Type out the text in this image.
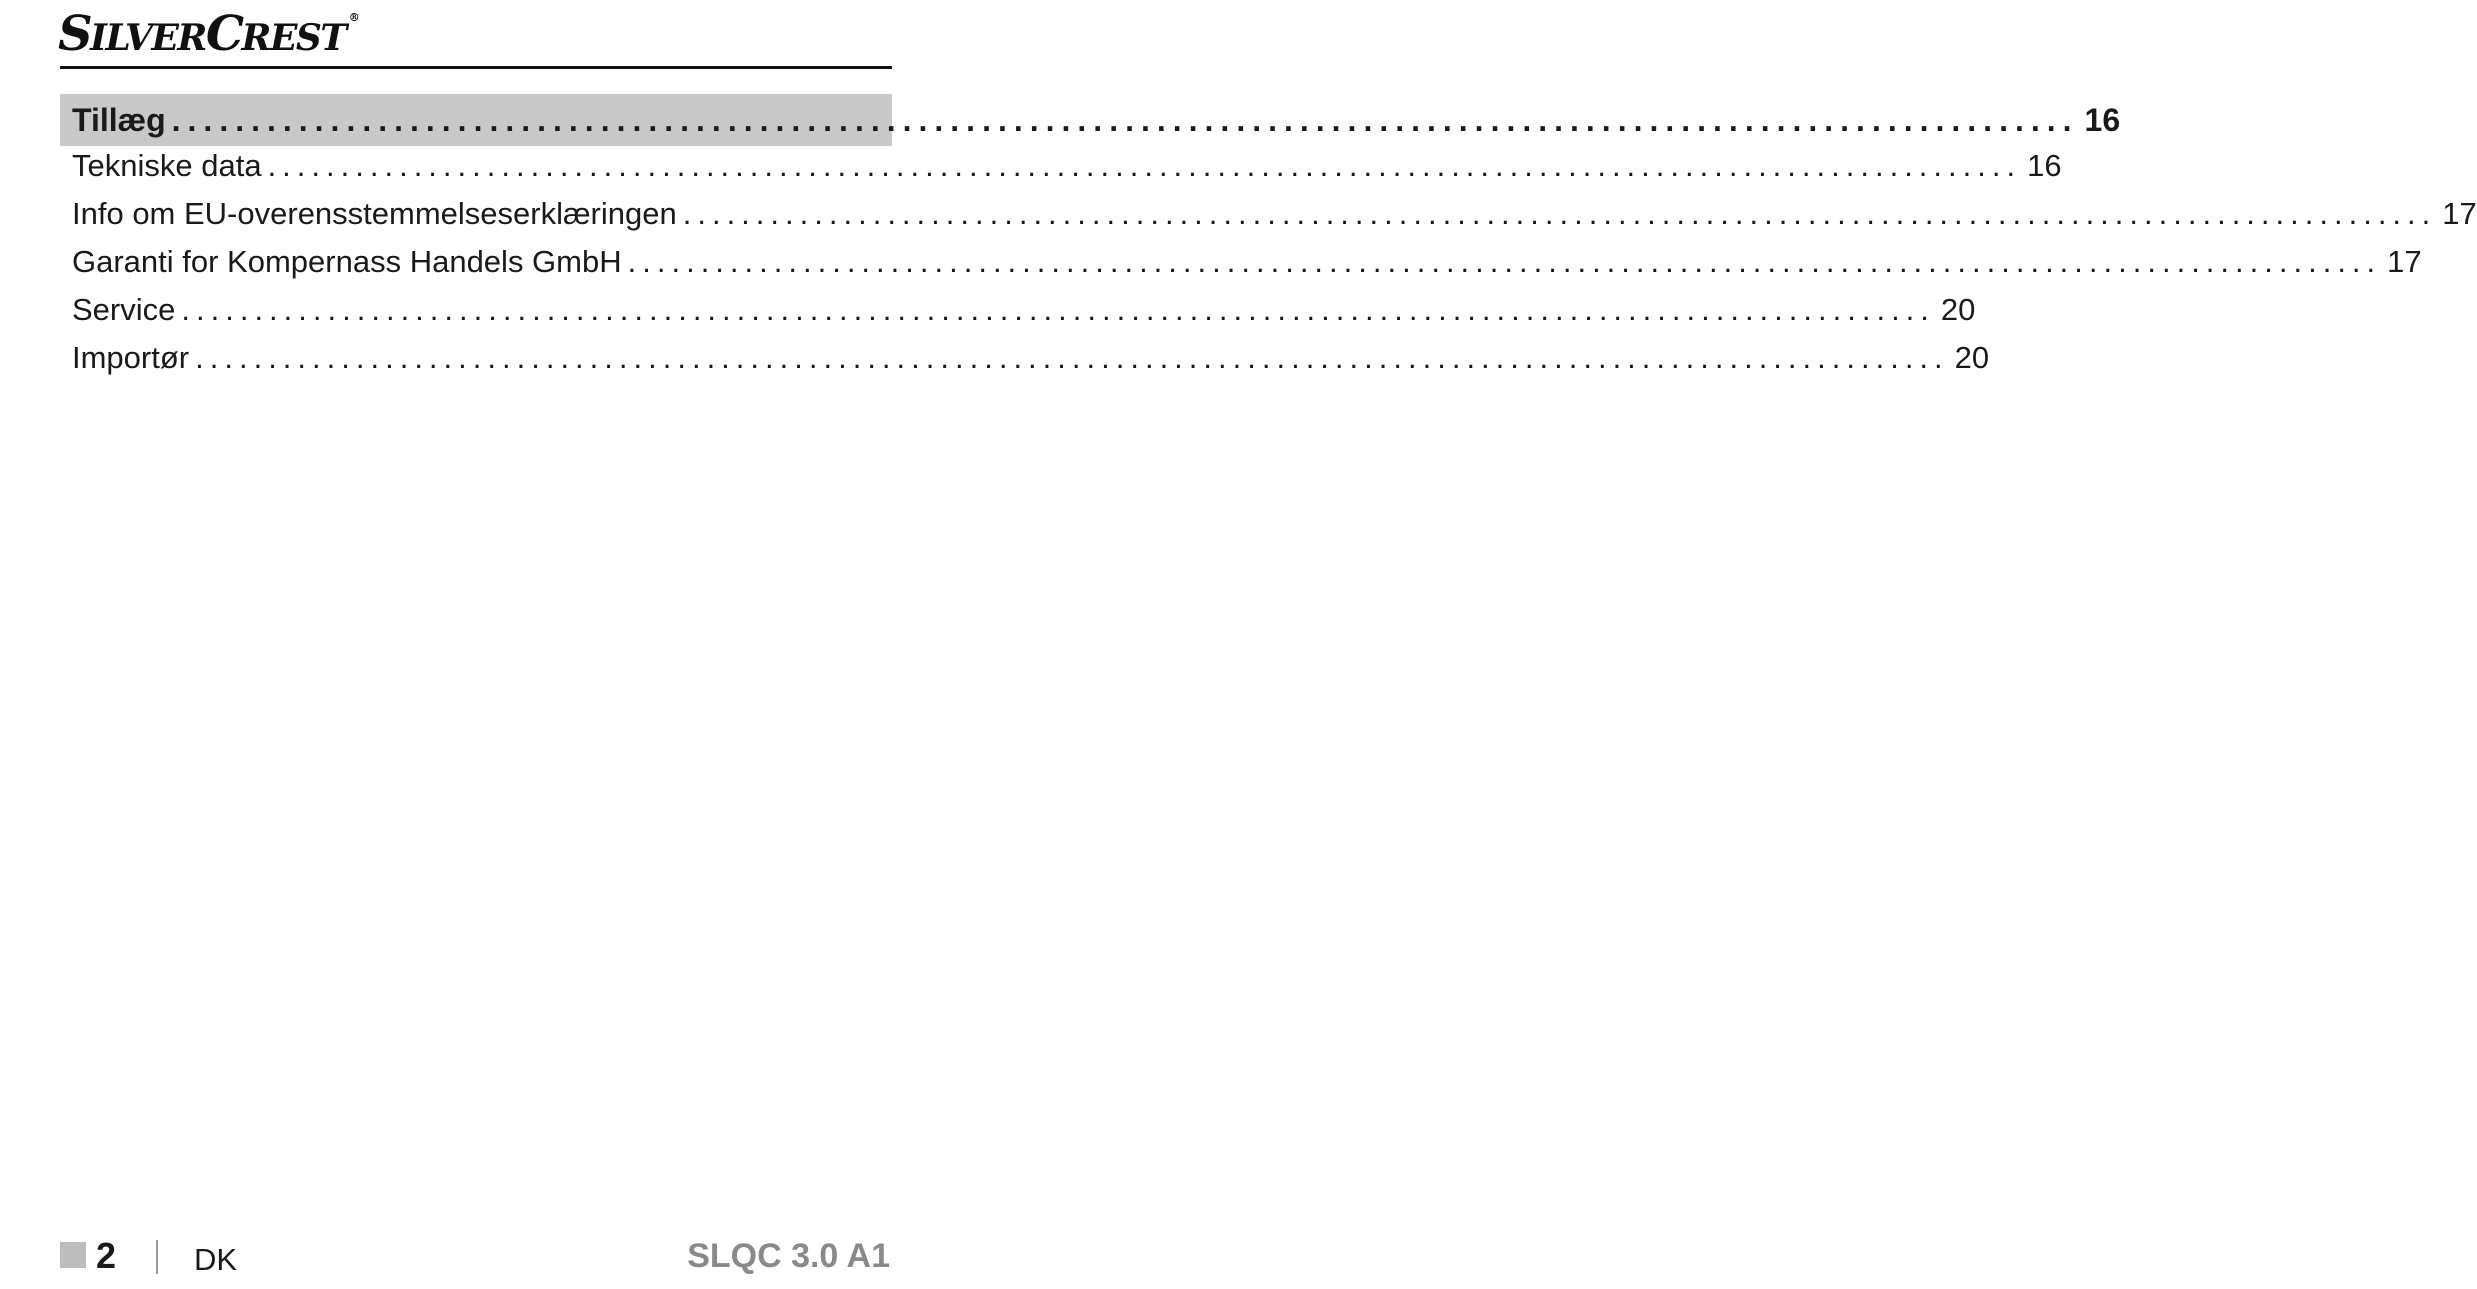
SILVERCREST ®
Tillæg ........................................................................................................................ 16
Tekniske data ........................................................................................................................ 16
Info om EU-overensstemmelseserklæringen ........................................................................................................................ 17
Garanti for Kompernass Handels GmbH ........................................................................................................................ 17
Service ........................................................................................................................ 20
Importør ........................................................................................................................ 20
2	DK	SLQC 3.0 A1
